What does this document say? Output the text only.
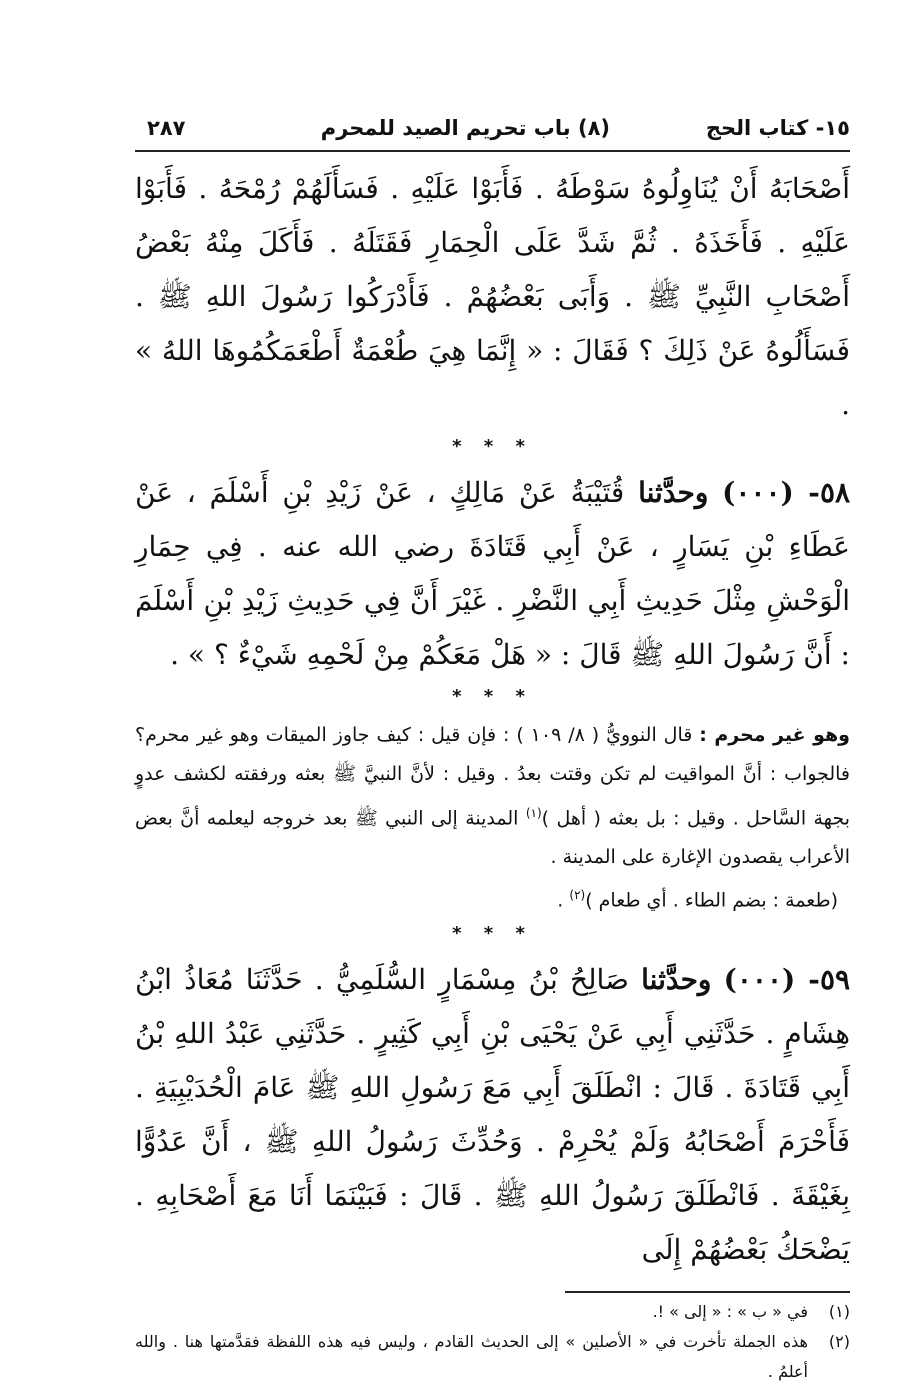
١٥- كتاب الحج
(٨) باب تحريم الصيد للمحرم
٢٨٧
أَصْحَابَهُ أَنْ يُنَاوِلُوهُ سَوْطَهُ . فَأَبَوْا عَلَيْهِ . فَسَأَلَهُمْ رُمْحَهُ . فَأَبَوْا عَلَيْهِ . فَأَخَذَهُ . ثُمَّ شَدَّ عَلَى الْحِمَارِ فَقَتَلَهُ . فَأَكَلَ مِنْهُ بَعْضُ أَصْحَابِ النَّبِيِّ ﷺ . وَأَبَى بَعْضُهُمْ . فَأَدْرَكُوا رَسُولَ اللهِ ﷺ . فَسَأَلُوهُ عَنْ ذَلِكَ ؟ فَقَالَ : « إِنَّمَا هِيَ طُعْمَةٌ أَطْعَمَكُمُوهَا اللهُ » .
* * *
٥٨- (٠٠٠) وحدَّثنا قُتَيْبَةُ عَنْ مَالِكٍ ، عَنْ زَيْدِ بْنِ أَسْلَمَ ، عَنْ عَطَاءِ بْنِ يَسَارٍ ، عَنْ أَبِي قَتَادَةَ رضي الله عنه . فِي حِمَارِ الْوَحْشِ مِثْلَ حَدِيثِ أَبِي النَّضْرِ . غَيْرَ أَنَّ فِي حَدِيثِ زَيْدِ بْنِ أَسْلَمَ : أَنَّ رَسُولَ اللهِ ﷺ قَالَ : « هَلْ مَعَكُمْ مِنْ لَحْمِهِ شَيْءٌ ؟ » .
* * *
وهو غير محرم : قال النوويُّ ( ٨/ ١٠٩ ) : فإن قيل : كيف جاوز الميقات وهو غير محرم؟ فالجواب : أنَّ المواقيت لم تكن وقتت بعدُ . وقيل : لأنَّ النبيَّ ﷺ بعثه ورفقته لكشف عدوٍ بجهة السَّاحل . وقيل : بل بعثه ( أهل )$^{(١)}$ المدينة إلى النبي ﷺ بعد خروجه ليعلمه أنَّ بعض الأعراب يقصدون الإغارة على المدينة .
(طعمة : بضم الطاء . أي طعام )$^{(٢)}$ .
* * *
٥٩- (٠٠٠) وحدَّثنا صَالِحُ بْنُ مِسْمَارٍ السُّلَمِيُّ . حَدَّثَنَا مُعَاذُ ابْنُ هِشَامٍ . حَدَّثَنِي أَبِي عَنْ يَحْيَى بْنِ أَبِي كَثِيرٍ . حَدَّثَنِي عَبْدُ اللهِ بْنُ أَبِي قَتَادَةَ . قَالَ : انْطَلَقَ أَبِي مَعَ رَسُولِ اللهِ ﷺ عَامَ الْحُدَيْبِيَةِ . فَأَحْرَمَ أَصْحَابُهُ وَلَمْ يُحْرِمْ . وَحُدِّثَ رَسُولُ اللهِ ﷺ ، أَنَّ عَدُوًّا بِغَيْقَةَ . فَانْطَلَقَ رَسُولُ اللهِ ﷺ . قَالَ : فَبَيْنَمَا أَنَا مَعَ أَصْحَابِهِ . يَضْحَكُ بَعْضُهُمْ إِلَى
(١)
في « ب » : « إلى » !.
(٢)
هذه الجملة تأخرت في « الأصلين » إلى الحديث القادم ، وليس فيه هذه اللفظة فقدَّمتها هنا . والله أعلمُ .
